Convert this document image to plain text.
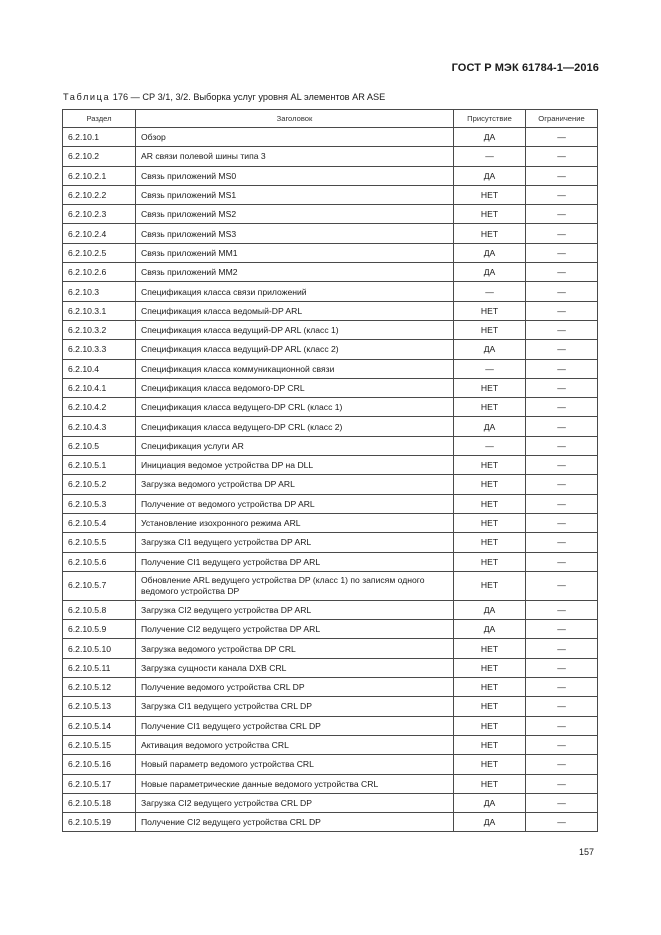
ГОСТ Р МЭК 61784-1—2016
Таблица 176 — CP 3/1, 3/2. Выборка услуг уровня AL элементов AR ASE
Раздел	Заголовок	Присутствие	Ограничение
6.2.10.1	Обзор	ДА	—
6.2.10.2	AR связи полевой шины типа 3	—	—
6.2.10.2.1	Связь приложений MS0	ДА	—
6.2.10.2.2	Связь приложений MS1	НЕТ	—
6.2.10.2.3	Связь приложений MS2	НЕТ	—
6.2.10.2.4	Связь приложений MS3	НЕТ	—
6.2.10.2.5	Связь приложений MM1	ДА	—
6.2.10.2.6	Связь приложений MM2	ДА	—
6.2.10.3	Спецификация класса связи приложений	—	—
6.2.10.3.1	Спецификация класса ведомый-DP ARL	НЕТ	—
6.2.10.3.2	Спецификация класса ведущий-DP ARL (класс 1)	НЕТ	—
6.2.10.3.3	Спецификация класса ведущий-DP ARL (класс 2)	ДА	—
6.2.10.4	Спецификация класса коммуникационной связи	—	—
6.2.10.4.1	Спецификация класса ведомого-DP CRL	НЕТ	—
6.2.10.4.2	Спецификация класса ведущего-DP CRL (класс 1)	НЕТ	—
6.2.10.4.3	Спецификация класса ведущего-DP CRL (класс 2)	ДА	—
6.2.10.5	Спецификация услуги AR	—	—
6.2.10.5.1	Инициация ведомое устройства DP на DLL	НЕТ	—
6.2.10.5.2	Загрузка ведомого устройства DP ARL	НЕТ	—
6.2.10.5.3	Получение от ведомого устройства DP ARL	НЕТ	—
6.2.10.5.4	Установление изохронного режима ARL	НЕТ	—
6.2.10.5.5	Загрузка CI1 ведущего устройства DP ARL	НЕТ	—
6.2.10.5.6	Получение CI1 ведущего устройства DP ARL	НЕТ	—
6.2.10.5.7	Обновление ARL ведущего устройства DP (класс 1) по записям одного ведомого устройства DP	НЕТ	—
6.2.10.5.8	Загрузка CI2 ведущего устройства DP ARL	ДА	—
6.2.10.5.9	Получение CI2 ведущего устройства DP ARL	ДА	—
6.2.10.5.10	Загрузка ведомого устройства DP CRL	НЕТ	—
6.2.10.5.11	Загрузка сущности канала DXB CRL	НЕТ	—
6.2.10.5.12	Получение ведомого устройства CRL DP	НЕТ	—
6.2.10.5.13	Загрузка CI1 ведущего устройства CRL DP	НЕТ	—
6.2.10.5.14	Получение CI1 ведущего устройства CRL DP	НЕТ	—
6.2.10.5.15	Активация ведомого устройства CRL	НЕТ	—
6.2.10.5.16	Новый параметр ведомого устройства CRL	НЕТ	—
6.2.10.5.17	Новые параметрические данные ведомого устройства CRL	НЕТ	—
6.2.10.5.18	Загрузка CI2 ведущего устройства CRL DP	ДА	—
6.2.10.5.19	Получение CI2 ведущего устройства CRL DP	ДА	—
157
